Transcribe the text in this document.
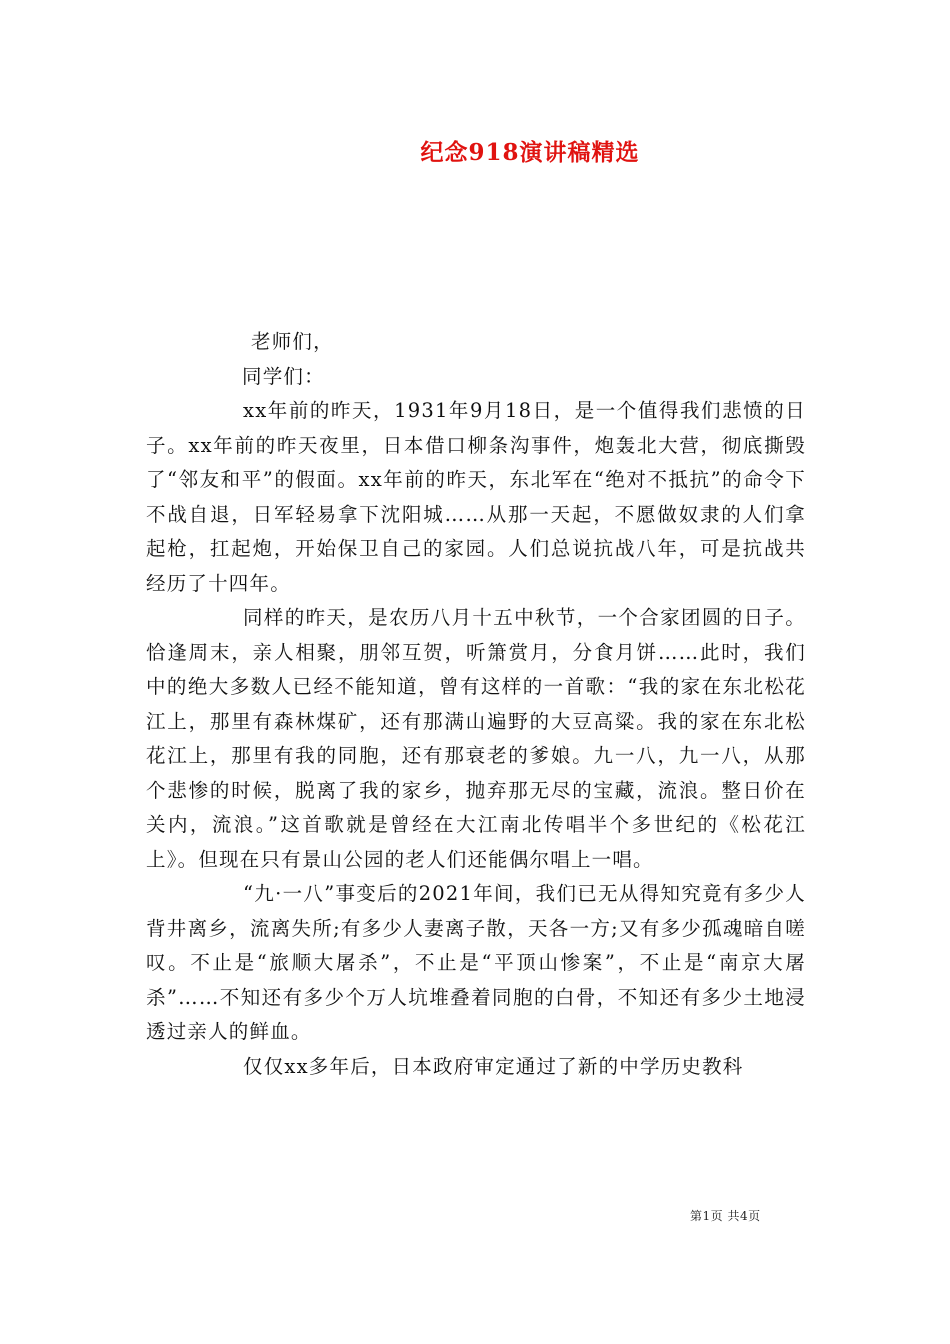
纪念918演讲稿精选

老师们，

同学们：

xx年前的昨天，1931年9月18日，是一个值得我们悲愤的日子。xx年前的昨天夜里，日本借口柳条沟事件，炮轰北大营，彻底撕毁了“邻友和平”的假面。xx年前的昨天，东北军在“绝对不抵抗”的命令下不战自退，日军轻易拿下沈阳城……从那一天起，不愿做奴隶的人们拿起枪，扛起炮，开始保卫自己的家园。人们总说抗战八年，可是抗战共经历了十四年。

同样的昨天，是农历八月十五中秋节，一个合家团圆的日子。恰逢周末，亲人相聚，朋邻互贺，听箫赏月，分食月饼……此时，我们中的绝大多数人已经不能知道，曾有这样的一首歌：“我的家在东北松花江上，那里有森林煤矿，还有那满山遍野的大豆高粱。我的家在东北松花江上，那里有我的同胞，还有那衰老的爹娘。九一八，九一八，从那个悲惨的时候，脱离了我的家乡，抛弃那无尽的宝藏，流浪。整日价在关内，流浪。”这首歌就是曾经在大江南北传唱半个多世纪的《松花江上》。但现在只有景山公园的老人们还能偶尔唱上一唱。

“九·一八”事变后的2021年间，我们已无从得知究竟有多少人背井离乡，流离失所;有多少人妻离子散，天各一方;又有多少孤魂暗自嗟叹。不止是“旅顺大屠杀”，不止是“平顶山惨案”，不止是“南京大屠杀”……不知还有多少个万人坑堆叠着同胞的白骨，不知还有多少土地浸透过亲人的鲜血。

仅仅xx多年后，日本政府审定通过了新的中学历史教科

第1页 共4页
